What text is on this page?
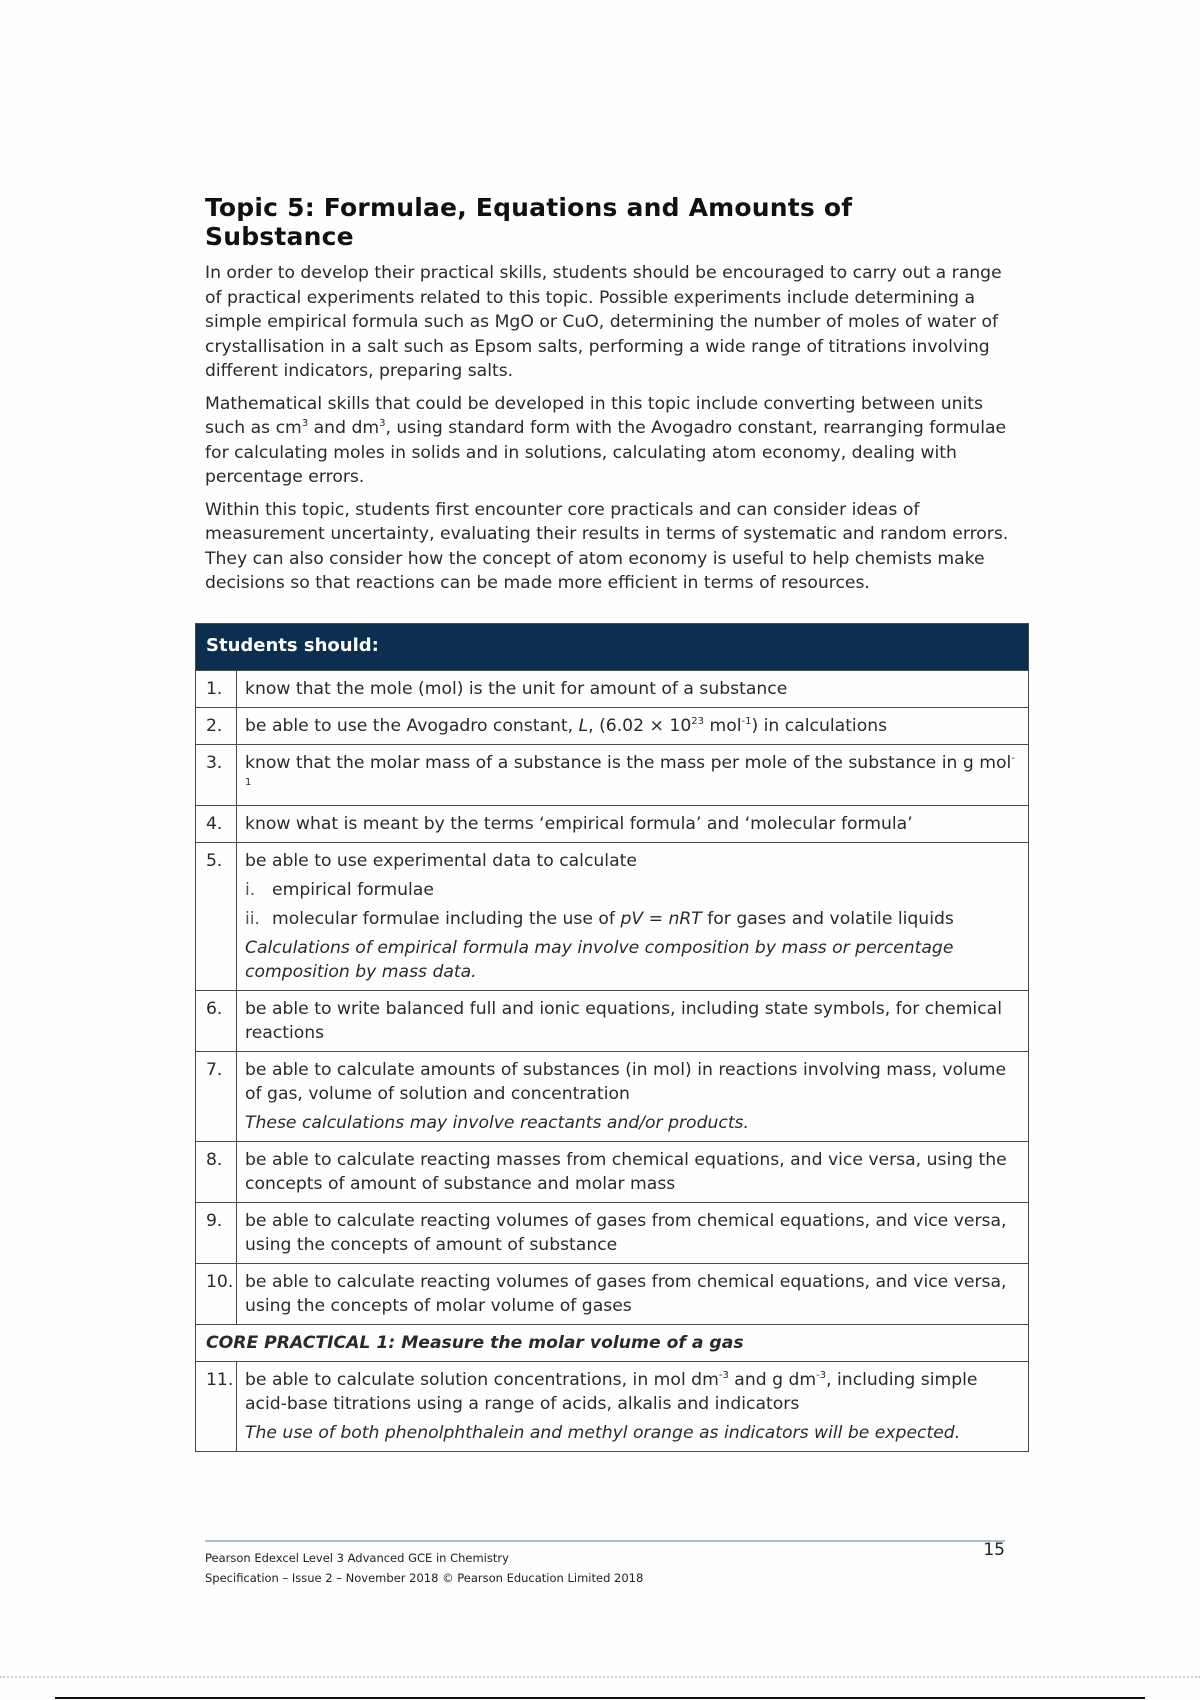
Topic 5: Formulae, Equations and Amounts of Substance

In order to develop their practical skills, students should be encouraged to carry out a range of practical experiments related to this topic. Possible experiments include determining a simple empirical formula such as MgO or CuO, determining the number of moles of water of crystallisation in a salt such as Epsom salts, performing a wide range of titrations involving different indicators, preparing salts.

Mathematical skills that could be developed in this topic include converting between units such as $cm^3$ and $dm^3$, using standard form with the Avogadro constant, rearranging formulae for calculating moles in solids and in solutions, calculating atom economy, dealing with percentage errors.

Within this topic, students first encounter core practicals and can consider ideas of measurement uncertainty, evaluating their results in terms of systematic and random errors. They can also consider how the concept of atom economy is useful to help chemists make decisions so that reactions can be made more efficient in terms of resources.

Students should:	
1.	know that the mole (mol) is the unit for amount of a substance
2.	be able to use the Avogadro constant, L, ($6.02 \times 10^{23}$ mol$^{-1}$) in calculations
3.	know that the molar mass of a substance is the mass per mole of the substance in g mol$^{-1}$
4.	know what is meant by the terms ‘empirical formula’ and ‘molecular formula’
5.	be able to use experimental data to calculate
i. empirical formulae
ii. molecular formulae including the use of pV = nRT for gases and volatile liquids
Calculations of empirical formula may involve composition by mass or percentage composition by mass data.

6.	be able to write balanced full and ionic equations, including state symbols, for chemical reactions
7.	be able to calculate amounts of substances (in mol) in reactions involving mass, volume of gas, volume of solution and concentration
These calculations may involve reactants and/or products.

8.	be able to calculate reacting masses from chemical equations, and vice versa, using the concepts of amount of substance and molar mass
9.	be able to calculate reacting volumes of gases from chemical equations, and vice versa, using the concepts of amount of substance
10.	be able to calculate reacting volumes of gases from chemical equations, and vice versa, using the concepts of molar volume of gases
CORE PRACTICAL 1: Measure the molar volume of a gas	
11.	be able to calculate solution concentrations, in mol $dm^{-3}$ and g $dm^{-3}$, including simple acid-base titrations using a range of acids, alkalis and indicators
The use of both phenolphthalein and methyl orange as indicators will be expected.
Pearson Edexcel Level 3 Advanced GCE in Chemistry
Specification – Issue 2 – November 2018 © Pearson Education Limited 2018
15
